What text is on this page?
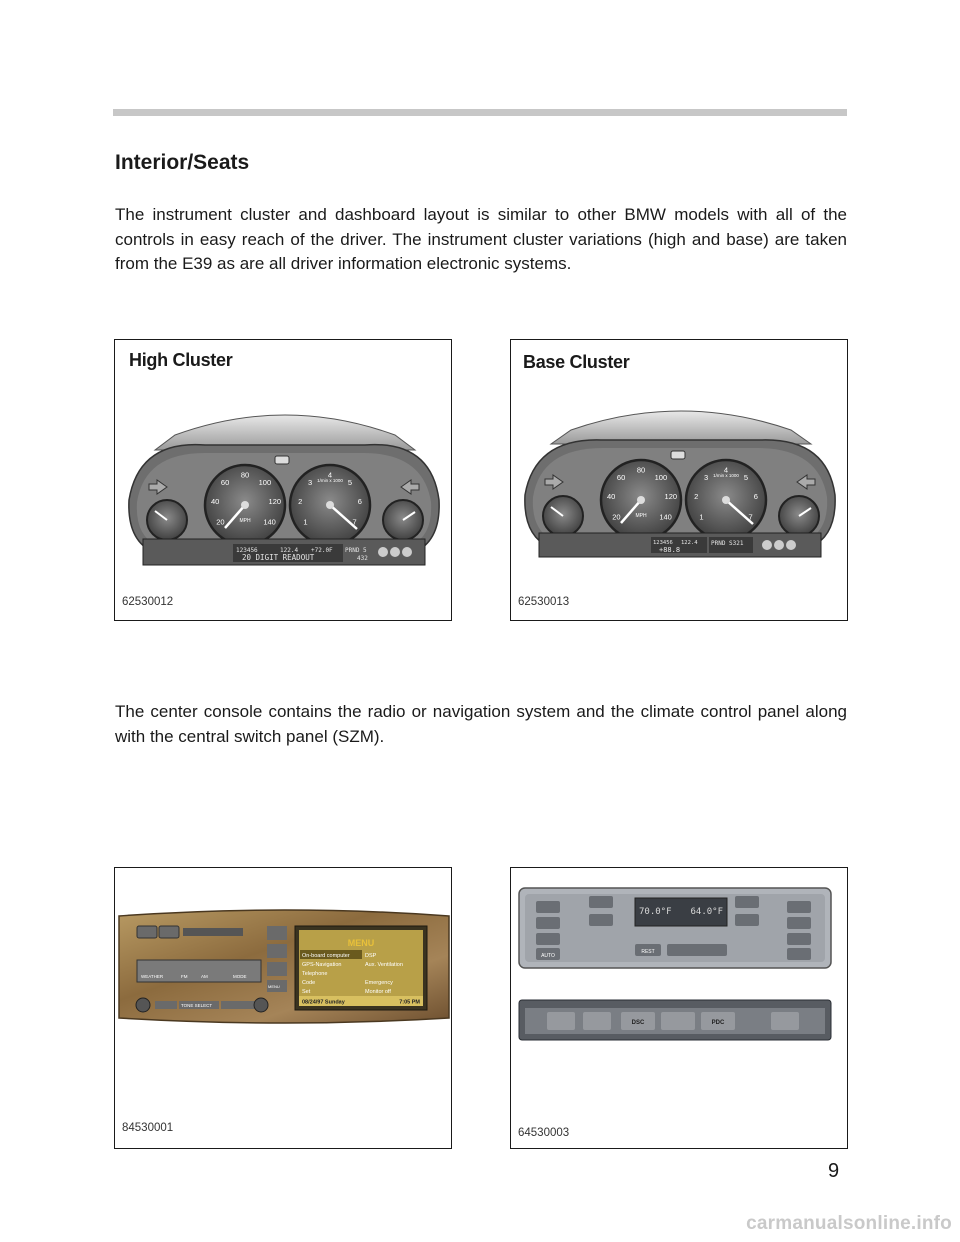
Interior/Seats

The instrument cluster and dashboard layout is similar to other BMW models with all of the controls in easy reach of the driver. The instrument cluster variations (high and base) are taken from the E39 as are all driver information electronic systems.

20
40
60
80
100
120
140	1
2
3
4
5
6
7
MPH
1/min x 1000
123456	122.4 +72.0F
20 DIGIT READOUT
PRND 5
432
High Cluster
62530012
20
40
60
80
100
120
140	1
2
3
4
5
6
7
MPH
1/min x 1000
123456 122.4
+88.8
PRND S321
Base Cluster
62530013

The center console contains the radio or navigation system and the climate control panel along with the central switch panel (SZM).

MENU
On-board computer
GPS-Navigation
Telephone
Code
Set
DSP
Aux. Ventilation
Emergency
Monitor off
08/24/97 Sunday	7:05 PM
WEATHER	FM	AM	MODE
TONE SELECT
MENU
84530001
AUTO
70.0°F 64.0°F
REST
DSC	PDC
64530003
9
carmanualsonline.info
